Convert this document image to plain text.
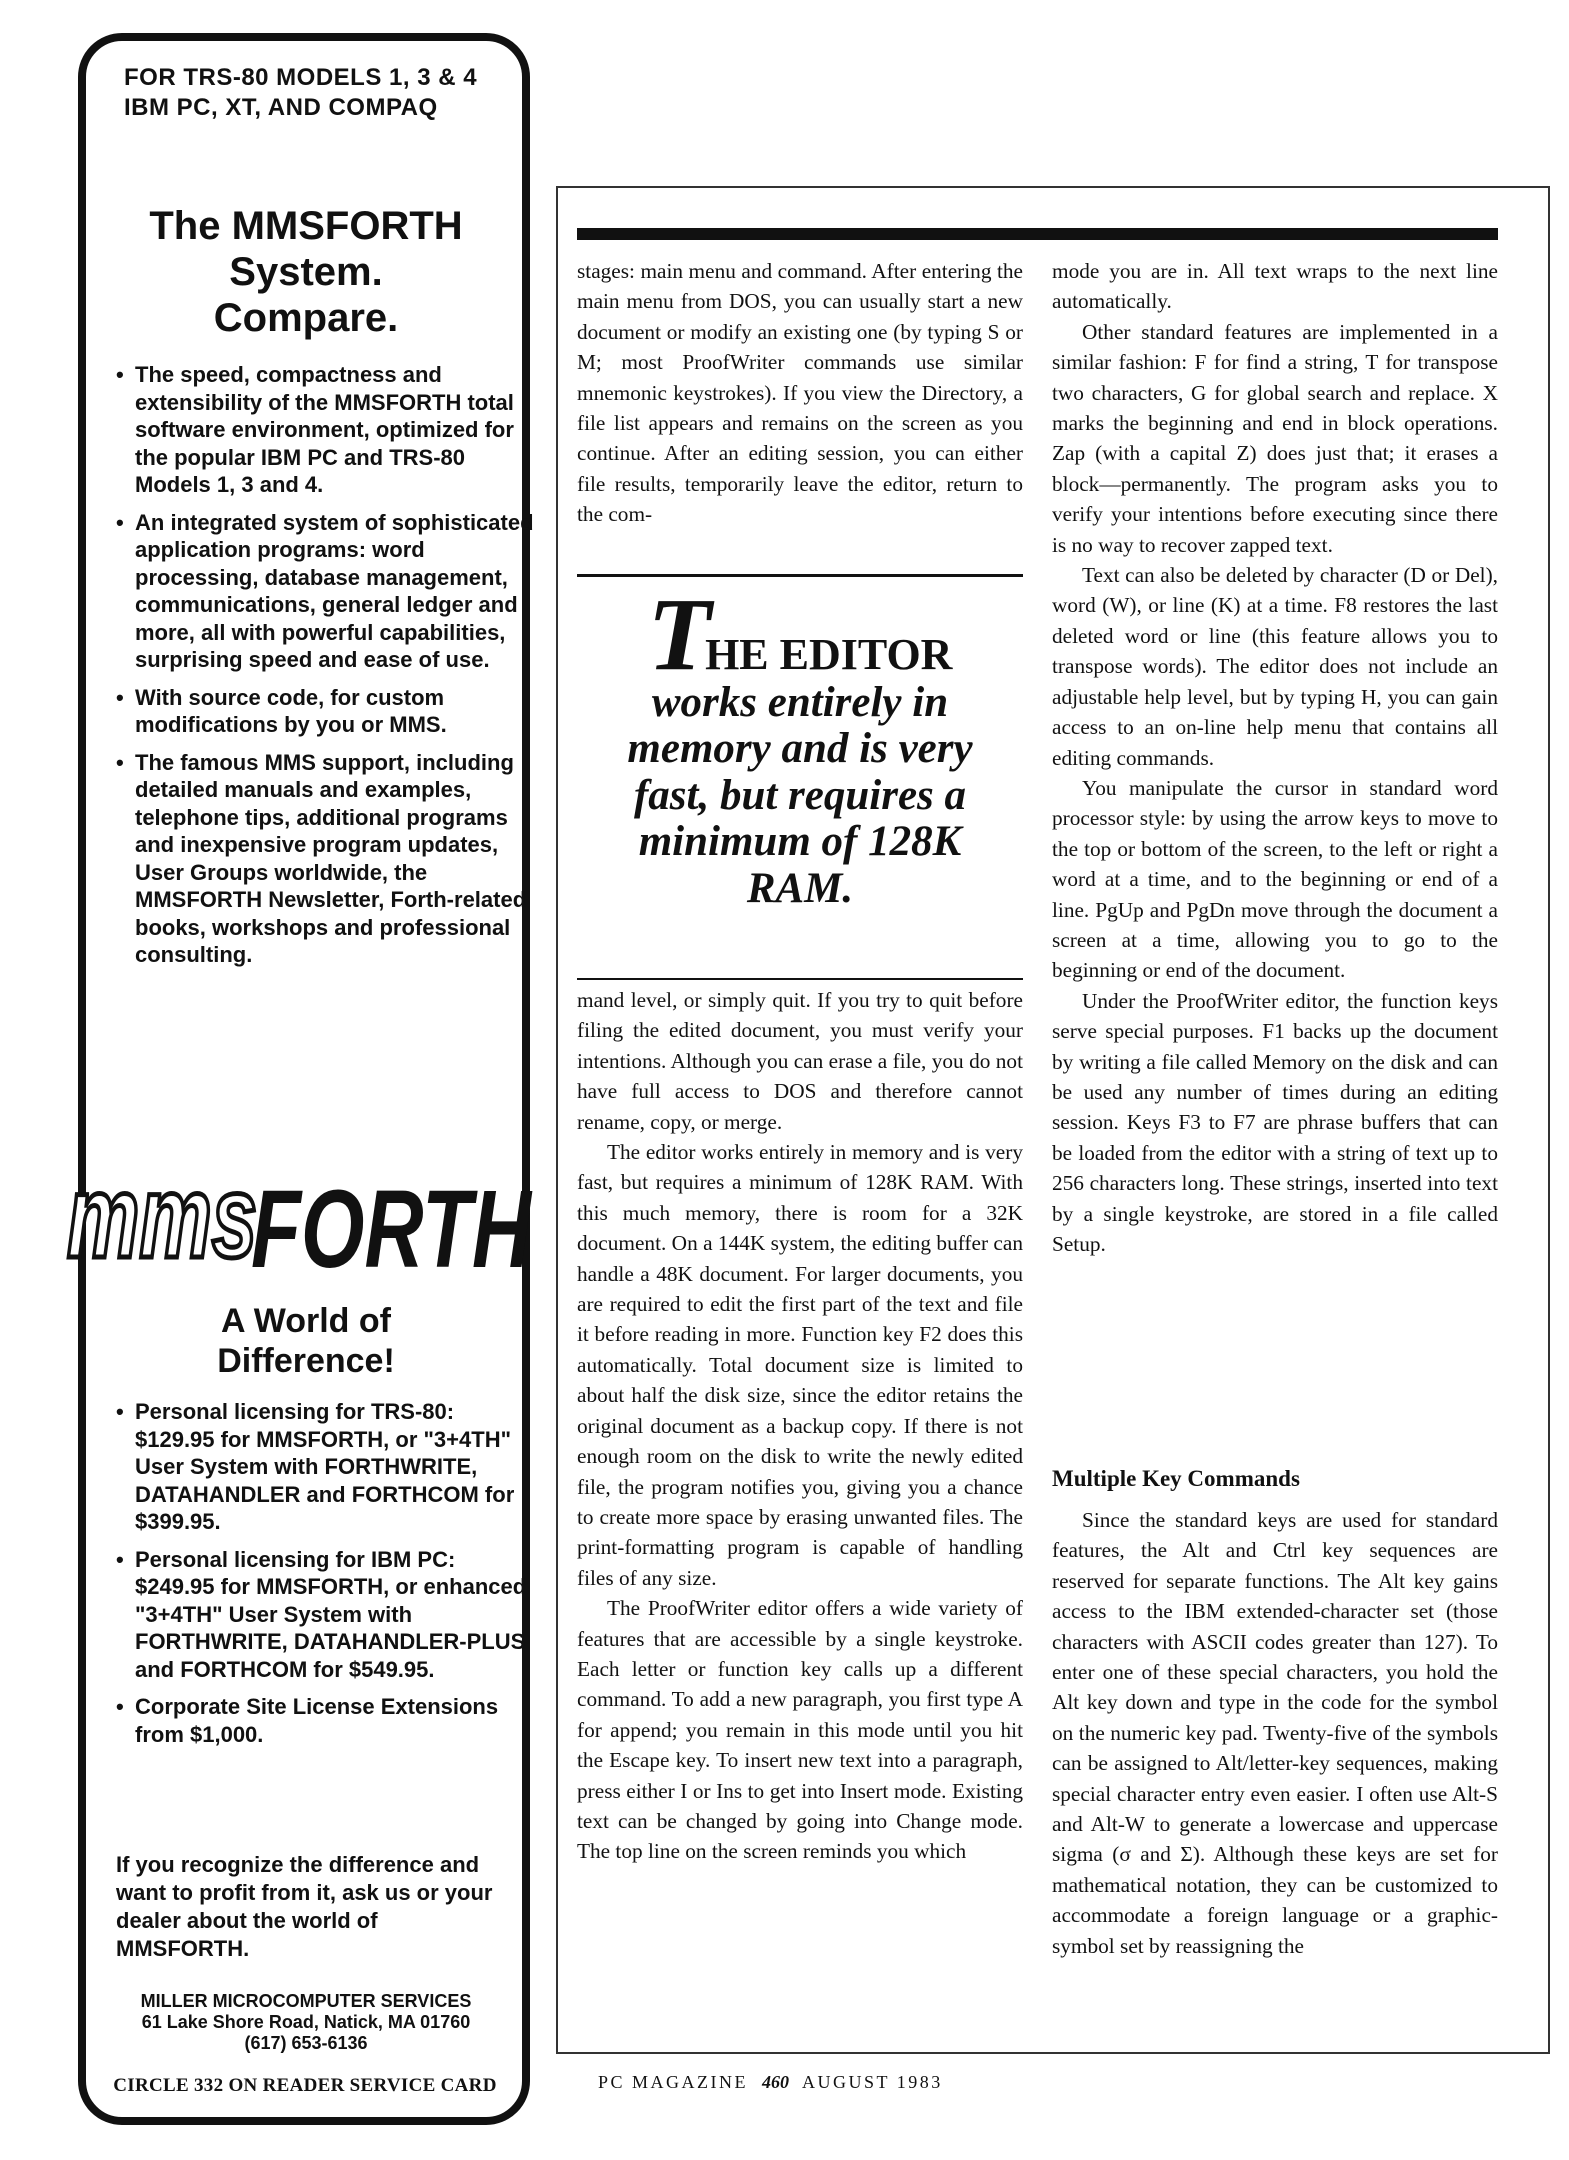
FOR TRS-80 MODELS 1, 3 & 4
IBM PC, XT, AND COMPAQ

The MMSFORTH
System.
Compare.
• The speed, compactness and extensibility of the MMSFORTH total software environment, optimized for the popular IBM PC and TRS-80 Models 1, 3 and 4.
• An integrated system of sophisticated application programs: word processing, database management, communications, general ledger and more, all with powerful capabilities, surprising speed and ease of use.
• With source code, for custom modifications by you or MMS.
• The famous MMS support, including detailed manuals and examples, telephone tips, additional programs and inexpensive program updates, User Groups worldwide, the MMSFORTH Newsletter, Forth-related books, workshops and professional consulting.
mms
FORTH
A World of
Difference!
• Personal licensing for TRS-80: $129.95 for MMSFORTH, or "3+4TH" User System with FORTHWRITE, DATAHANDLER and FORTHCOM for $399.95.
• Personal licensing for IBM PC: $249.95 for MMSFORTH, or enhanced "3+4TH" User System with FORTHWRITE, DATAHANDLER-PLUS and FORTHCOM for $549.95.
• Corporate Site License Extensions from $1,000.

If you recognize the difference and want to profit from it, ask us or your dealer about the world of MMSFORTH.

MILLER MICROCOMPUTER SERVICES
61 Lake Shore Road, Natick, MA 01760
(617) 653-6136

CIRCLE 332 ON READER SERVICE CARD

stages: main menu and command. After entering the main menu from DOS, you can usually start a new document or modify an existing one (by typing S or M; most ProofWriter commands use similar mnemonic keystrokes). If you view the Directory, a file list appears and remains on the screen as you continue. After an editing session, you can either file results, temporarily leave the editor, return to the com-

THE EDITOR works entirely in memory and is very fast, but requires a minimum of 128K RAM.

mand level, or simply quit. If you try to quit before filing the edited document, you must verify your intentions. Although you can erase a file, you do not have full access to DOS and therefore cannot rename, copy, or merge.

The editor works entirely in memory and is very fast, but requires a minimum of 128K RAM. With this much memory, there is room for a 32K document. On a 144K system, the editing buffer can handle a 48K document. For larger documents, you are required to edit the first part of the text and file it before reading in more. Function key F2 does this automatically. Total document size is limited to about half the disk size, since the editor retains the original document as a backup copy. If there is not enough room on the disk to write the newly edited file, the program notifies you, giving you a chance to create more space by erasing unwanted files. The print-formatting program is capable of handling files of any size.

The ProofWriter editor offers a wide variety of features that are accessible by a single keystroke. Each letter or function key calls up a different command. To add a new paragraph, you first type A for append; you remain in this mode until you hit the Escape key. To insert new text into a paragraph, press either I or Ins to get into Insert mode. Existing text can be changed by going into Change mode. The top line on the screen reminds you which

mode you are in. All text wraps to the next line automatically.

Other standard features are implemented in a similar fashion: F for find a string, T for transpose two characters, G for global search and replace. X marks the beginning and end in block operations. Zap (with a capital Z) does just that; it erases a block—permanently. The program asks you to verify your intentions before executing since there is no way to recover zapped text.

Text can also be deleted by character (D or Del), word (W), or line (K) at a time. F8 restores the last deleted word or line (this feature allows you to transpose words). The editor does not include an adjustable help level, but by typing H, you can gain access to an on-line help menu that contains all editing commands.

You manipulate the cursor in standard word processor style: by using the arrow keys to move to the top or bottom of the screen, to the left or right a word at a time, and to the beginning or end of a line. PgUp and PgDn move through the document a screen at a time, allowing you to go to the beginning or end of the document.

Under the ProofWriter editor, the function keys serve special purposes. F1 backs up the document by writing a file called Memory on the disk and can be used any number of times during an editing session. Keys F3 to F7 are phrase buffers that can be loaded from the editor with a string of text up to 256 characters long. These strings, inserted into text by a single keystroke, are stored in a file called Setup.

Multiple Key Commands

Since the standard keys are used for standard features, the Alt and Ctrl key sequences are reserved for separate functions. The Alt key gains access to the IBM extended-character set (those characters with ASCII codes greater than 127). To enter one of these special characters, you hold the Alt key down and type in the code for the symbol on the numeric key pad. Twenty-five of the symbols can be assigned to Alt/letter-key sequences, making special character entry even easier. I often use Alt-S and Alt-W to generate a lowercase and uppercase sigma (σ and Σ). Although these keys are set for mathematical notation, they can be customized to accommodate a foreign language or a graphic-symbol set by reassigning the

PC MAGAZINE 460 AUGUST 1983
